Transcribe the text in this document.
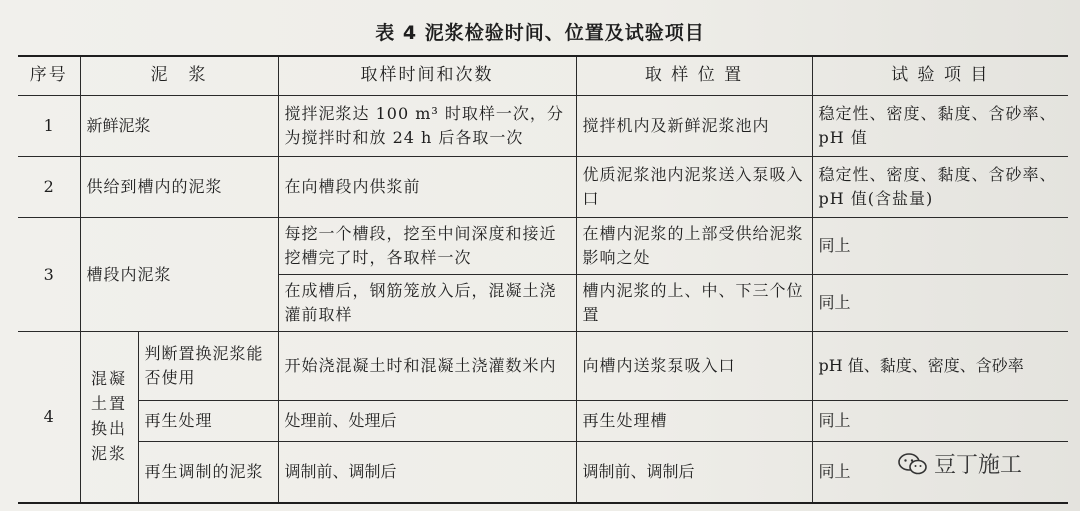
表 4 泥浆检验时间、位置及试验项目
序号	泥　浆		取样时间和次数	取 样 位 置	试 验 项 目
1	新鲜泥浆		搅拌泥浆达 100 m³ 时取样一次，分为搅拌时和放 24 h 后各取一次	搅拌机内及新鲜泥浆池内	稳定性、密度、黏度、含砂率、pH 值
2	供给到槽内的泥浆		在向槽段内供浆前	优质泥浆池内泥浆送入泵吸入口	稳定性、密度、黏度、含砂率、pH 值(含盐量)
3	槽段内泥浆		每挖一个槽段，挖至中间深度和接近挖槽完了时，各取样一次	在槽内泥浆的上部受供给泥浆影响之处	同上
			在成槽后，钢筋笼放入后，混凝土浇灌前取样	槽内泥浆的上、中、下三个位置	同上
4	混凝土置换出泥浆	判断置换泥浆能否使用	开始浇混凝土时和混凝土浇灌数米内	向槽内送浆泵吸入口	pH 值、黏度、密度、含砂率
		再生处理	处理前、处理后	再生处理槽	同上
		再生调制的泥浆	调制前、调制后	调制前、调制后	同上	豆丁施工
